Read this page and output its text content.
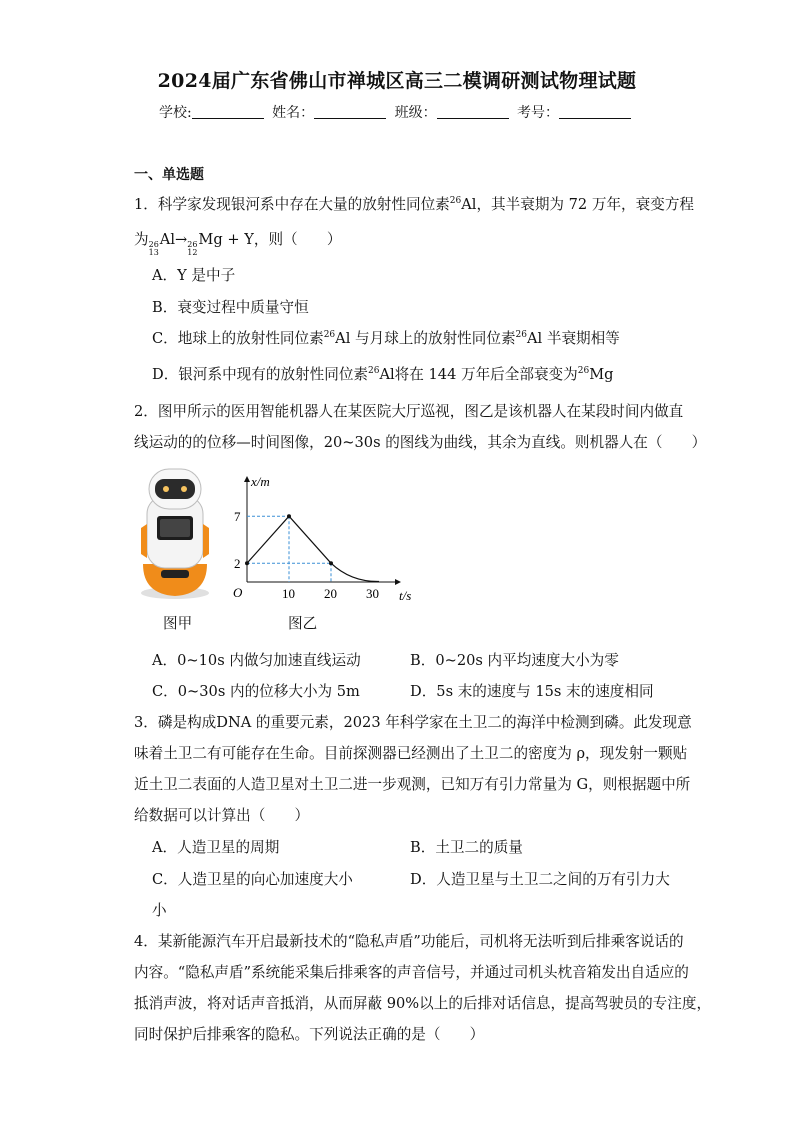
2024届广东省佛山市禅城区高三二模调研测试物理试题
学校:	姓名：	班级：	考号：
一、单选题
1．科学家发现银河系中存在大量的放射性同位素$^{26}$Al，其半衰期为 72 万年，衰变方程
为 26
13
Al→ 26
12
Mg + Y，则（　　）
A．Y 是中子
B．衰变过程中质量守恒
C．地球上的放射性同位素$^{26}$Al 与月球上的放射性同位素$^{26}$Al 半衰期相等
D．银河系中现有的放射性同位素$^{26}$Al将在 144 万年后全部衰变为$^{26}$Mg
2．图甲所示的医用智能机器人在某医院大厅巡视，图乙是该机器人在某段时间内做直
线运动的的位移—时间图像，20~30s 的图线为曲线，其余为直线。则机器人在（　　）
x/m
t/s
O	10 20 30
2
7
图甲	图乙
A．0~10s 内做匀加速直线运动	B．0~20s 内平均速度大小为零
C．0~30s 内的位移大小为 5m	D．5s 末的速度与 15s 末的速度相同
3．磷是构成DNA 的重要元素，2023 年科学家在土卫二的海洋中检测到磷。此发现意
味着土卫二有可能存在生命。目前探测器已经测出了土卫二的密度为 ρ，现发射一颗贴
近土卫二表面的人造卫星对土卫二进一步观测，已知万有引力常量为 G，则根据题中所
给数据可以计算出（　　）
A．人造卫星的周期	B．土卫二的质量
C．人造卫星的向心加速度大小	D．人造卫星与土卫二之间的万有引力大
小
4．某新能源汽车开启最新技术的“隐私声盾”功能后，司机将无法听到后排乘客说话的
内容。“隐私声盾”系统能采集后排乘客的声音信号，并通过司机头枕音箱发出自适应的
抵消声波，将对话声音抵消，从而屏蔽 90%以上的后排对话信息，提高驾驶员的专注度，
同时保护后排乘客的隐私。下列说法正确的是（　　）
